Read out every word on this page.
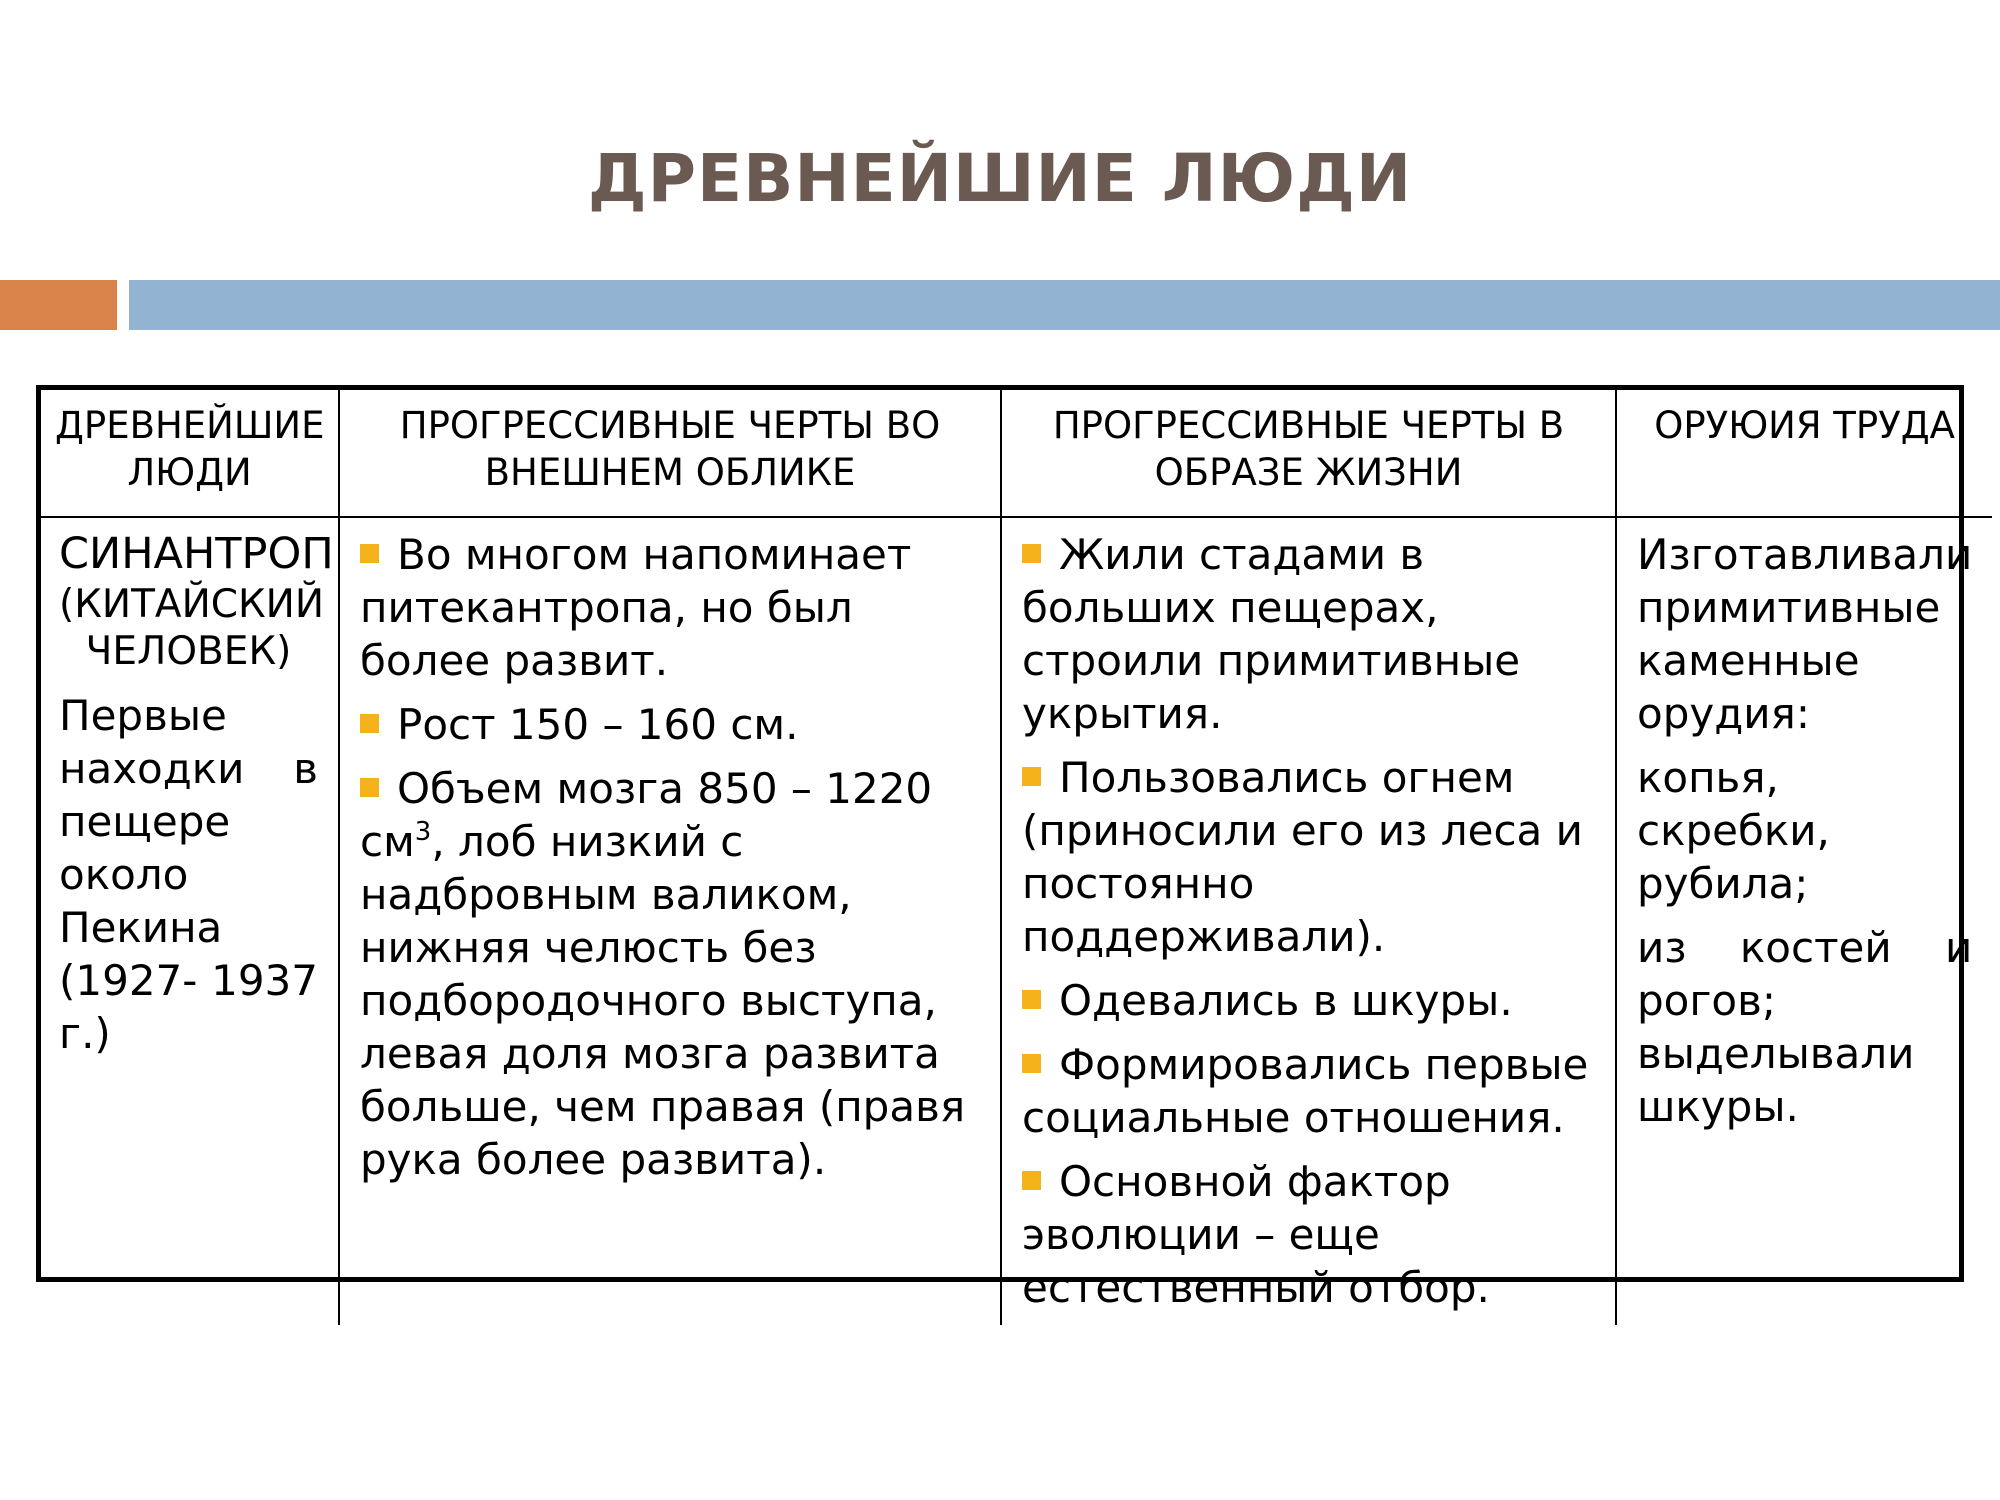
ДРЕВНЕЙШИЕ ЛЮДИ
ДРЕВНЕЙШИЕ ЛЮДИ
ПРОГРЕССИВНЫЕ ЧЕРТЫ ВО ВНЕШНЕМ ОБЛИКЕ
ПРОГРЕССИВНЫЕ ЧЕРТЫ В ОБРАЗЕ ЖИЗНИ
ОРУЮИЯ ТРУДА
СИНАНТРОП
(КИТАЙСКИЙ ЧЕЛОВЕК)
Первые находки в пещере около Пекина (1927- 1937 г.)
Во многом напоминает питекантропа, но был более развит.
Рост 150 – 160 см.
Объем мозга 850 – 1220 $см^3$, лоб низкий с надбровным валиком, нижняя челюсть без подбородочного выступа, левая доля мозга развита больше, чем правая (правя рука более развита).
Жили стадами в больших пещерах, строили примитивные укрытия.
Пользовались огнем (приносили его из леса и постоянно поддерживали).
Одевались в шкуры.
Формировались первые социальные отношения.
Основной фактор эволюции – еще естественный отбор.
Изготавливали примитивные каменные орудия:
копья, скребки, рубила;
из костей и рогов; выделывали шкуры.
